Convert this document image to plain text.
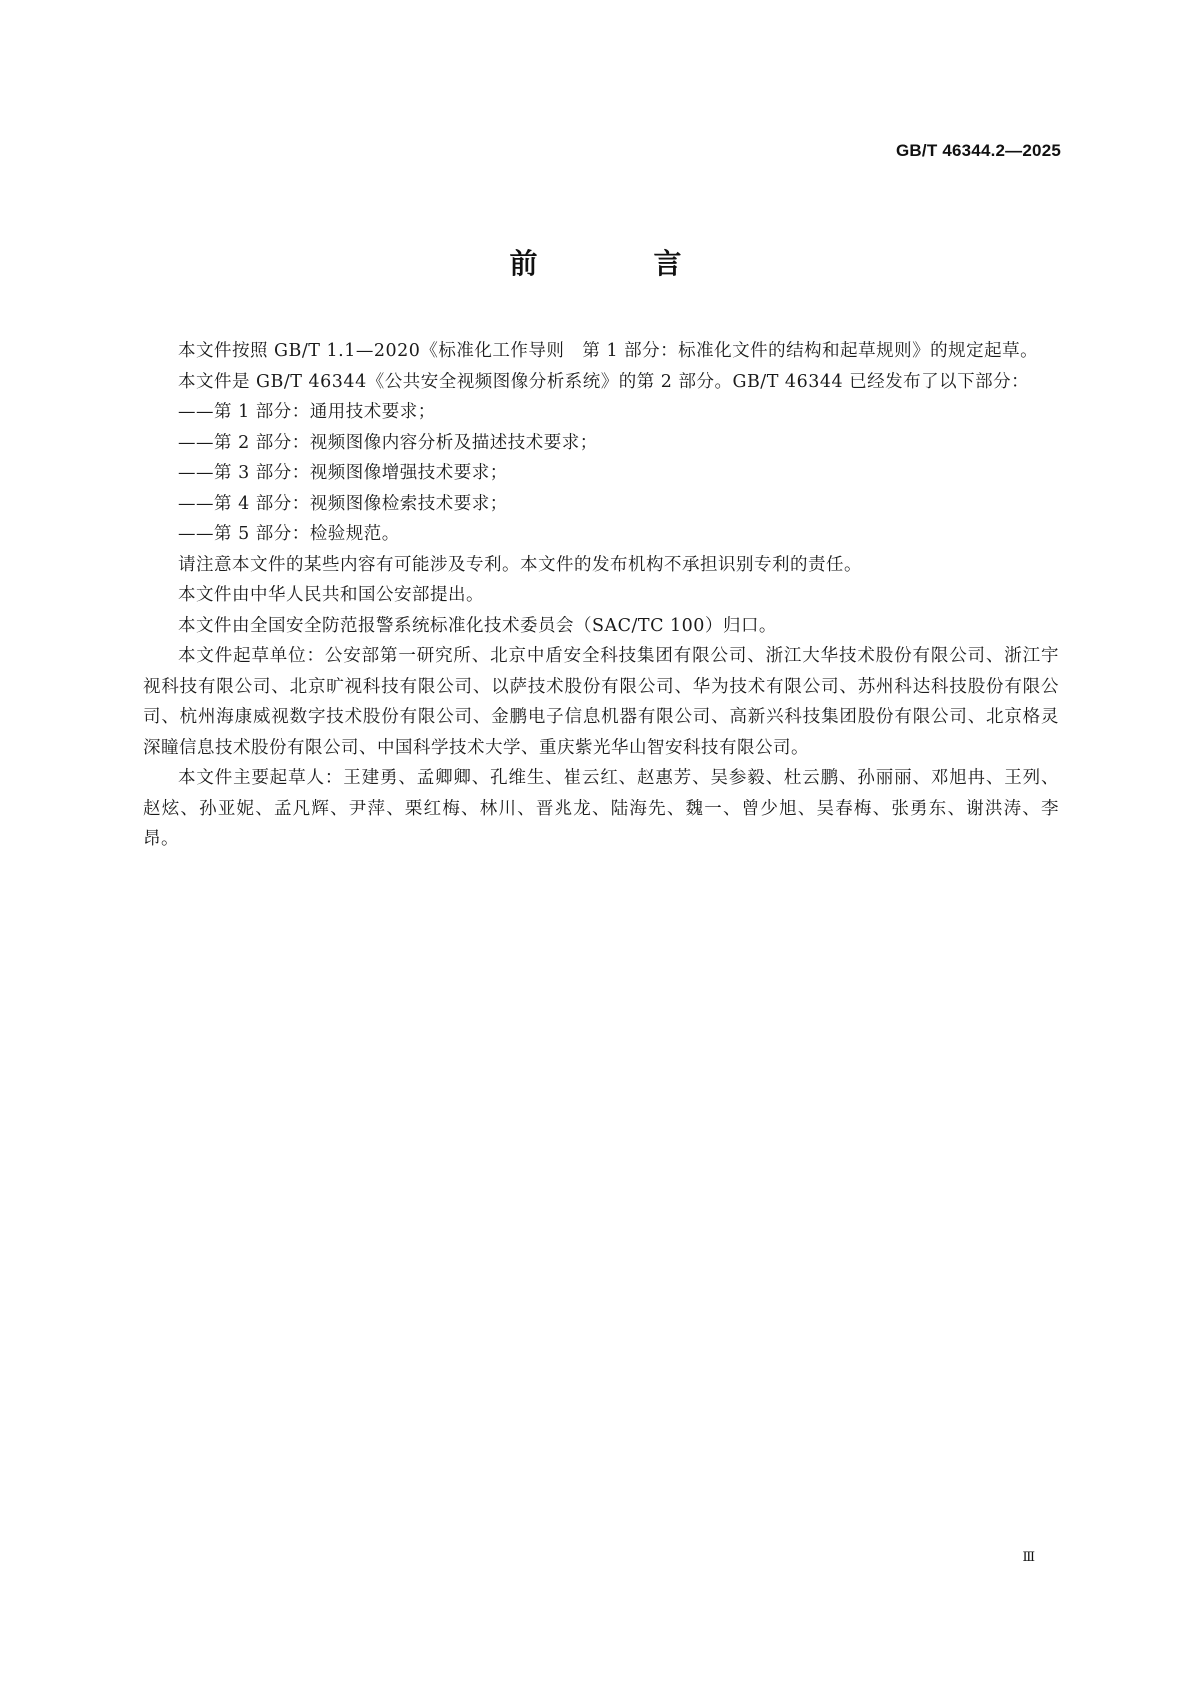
GB/T 46344.2—2025
前　言

本文件按照 GB/T 1.1—2020《标准化工作导则　第 1 部分：标准化文件的结构和起草规则》的规定起草。

本文件是 GB/T 46344《公共安全视频图像分析系统》的第 2 部分。GB/T 46344 已经发布了以下部分：

——第 1 部分：通用技术要求；

——第 2 部分：视频图像内容分析及描述技术要求；

——第 3 部分：视频图像增强技术要求；

——第 4 部分：视频图像检索技术要求；

——第 5 部分：检验规范。

请注意本文件的某些内容有可能涉及专利。本文件的发布机构不承担识别专利的责任。

本文件由中华人民共和国公安部提出。

本文件由全国安全防范报警系统标准化技术委员会（SAC/TC 100）归口。

本文件起草单位：公安部第一研究所、北京中盾安全科技集团有限公司、浙江大华技术股份有限公司、浙江宇视科技有限公司、北京旷视科技有限公司、以萨技术股份有限公司、华为技术有限公司、苏州科达科技股份有限公司、杭州海康威视数字技术股份有限公司、金鹏电子信息机器有限公司、高新兴科技集团股份有限公司、北京格灵深瞳信息技术股份有限公司、中国科学技术大学、重庆紫光华山智安科技有限公司。

本文件主要起草人：王建勇、孟卿卿、孔维生、崔云红、赵惠芳、吴参毅、杜云鹏、孙丽丽、邓旭冉、王列、赵炫、孙亚妮、孟凡辉、尹萍、栗红梅、林川、晋兆龙、陆海先、魏一、曾少旭、吴春梅、张勇东、谢洪涛、李昂。

Ⅲ
